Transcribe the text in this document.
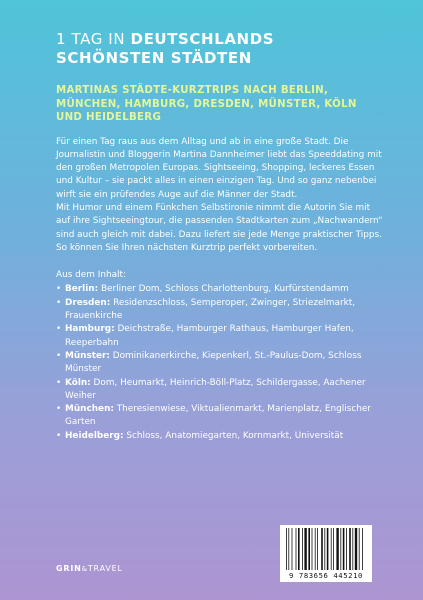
1 TAG IN DEUTSCHLANDS
SCHÖNSTEN STÄDTEN
MARTINAS STÄDTE-KURZTRIPS NACH BERLIN, MÜNCHEN, HAMBURG, DRESDEN, MÜNSTER, KÖLN UND HEIDELBERG

Für einen Tag raus aus dem Alltag und ab in eine große Stadt. Die Journalistin und Bloggerin Martina Dannheimer liebt das Speeddating mit den großen Metropolen Europas. Sightseeing, Shopping, leckeres Essen und Kultur – sie packt alles in einen einzigen Tag. Und so ganz nebenbei wirft sie ein prüfendes Auge auf die Männer der Stadt.

Mit Humor und einem Fünkchen Selbstironie nimmt die Autorin Sie mit auf ihre Sightseeingtour, die passenden Stadtkarten zum „Nachwandern“ sind auch gleich mit dabei. Dazu liefert sie jede Menge praktischer Tipps. So können Sie Ihren nächsten Kurztrip perfekt vorbereiten.

Aus dem Inhalt:
• Berlin: Berliner Dom, Schloss Charlottenburg, Kurfürstendamm
• Dresden: Residenzschloss, Semperoper, Zwinger, Striezelmarkt, Frauenkirche
• Hamburg: Deichstraße, Hamburger Rathaus, Hamburger Hafen, Reeperbahn
• Münster: Dominikanerkirche, Kiepenkerl, St.-Paulus-Dom, Schloss Münster
• Köln: Dom, Heumarkt, Heinrich-Böll-Platz, Schildergasse, Aachener Weiher
• München: Theresienwiese, Viktualienmarkt, Marienplatz, Englischer Garten
• Heidelberg: Schloss, Anatomiegarten, Kornmarkt, Universität
GRIN&TRAVEL
9 783656 445210
